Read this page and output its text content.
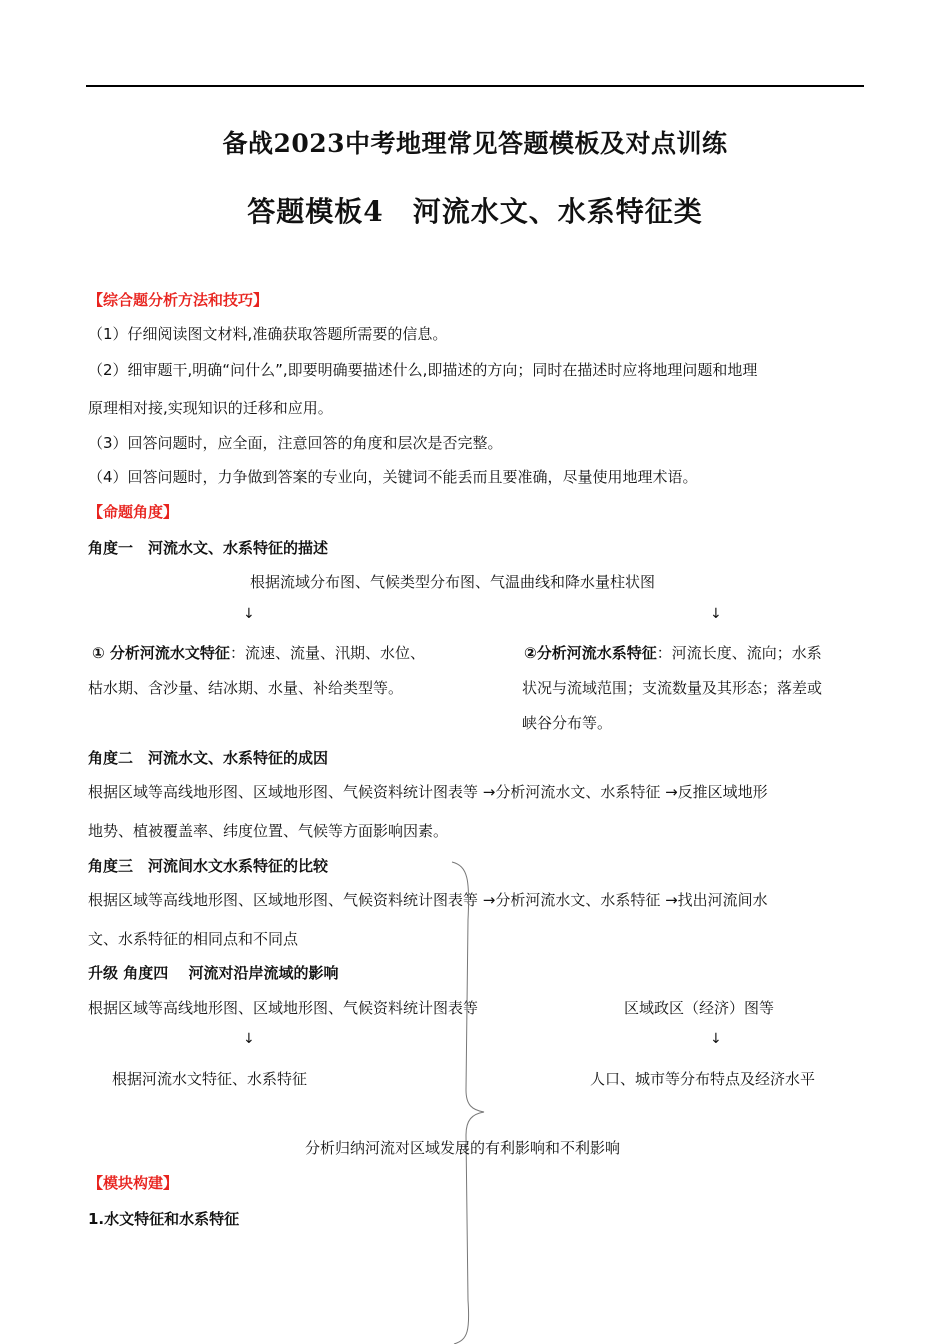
备战2023中考地理常见答题模板及对点训练
答题模板4　河流水文、水系特征类
【综合题分析方法和技巧】
（1）仔细阅读图文材料,准确获取答题所需要的信息。
（2）细审题干,明确“问什么”,即要明确要描述什么,即描述的方向；同时在描述时应将地理问题和地理
原理相对接,实现知识的迁移和应用。
（3）回答问题时，应全面，注意回答的角度和层次是否完整。
（4）回答问题时，力争做到答案的专业向，关键词不能丢而且要准确，尽量使用地理术语。
【命题角度】
角度一　河流水文、水系特征的描述
根据流域分布图、气候类型分布图、气温曲线和降水量柱状图
↓	↓
① 分析河流水文特征：流速、流量、汛期、水位、
枯水期、含沙量、结冰期、水量、补给类型等。
②分析河流水系特征：河流长度、流向；水系
状况与流域范围；支流数量及其形态；落差或
峡谷分布等。
角度二　河流水文、水系特征的成因
根据区域等高线地形图、区域地形图、气候资料统计图表等 →分析河流水文、水系特征 →反推区域地形
地势、植被覆盖率、纬度位置、气候等方面影响因素。
角度三　河流间水文水系特征的比较
根据区域等高线地形图、区域地形图、气候资料统计图表等 →分析河流水文、水系特征 →找出河流间水
文、水系特征的相同点和不同点
升级 角度四　 河流对沿岸流域的影响
根据区域等高线地形图、区域地形图、气候资料统计图表等	区域政区（经济）图等
↓	↓
根据河流水文特征、水系特征	人口、城市等分布特点及经济水平
分析归纳河流对区域发展的有利影响和不利影响
【模块构建】
1.水文特征和水系特征
